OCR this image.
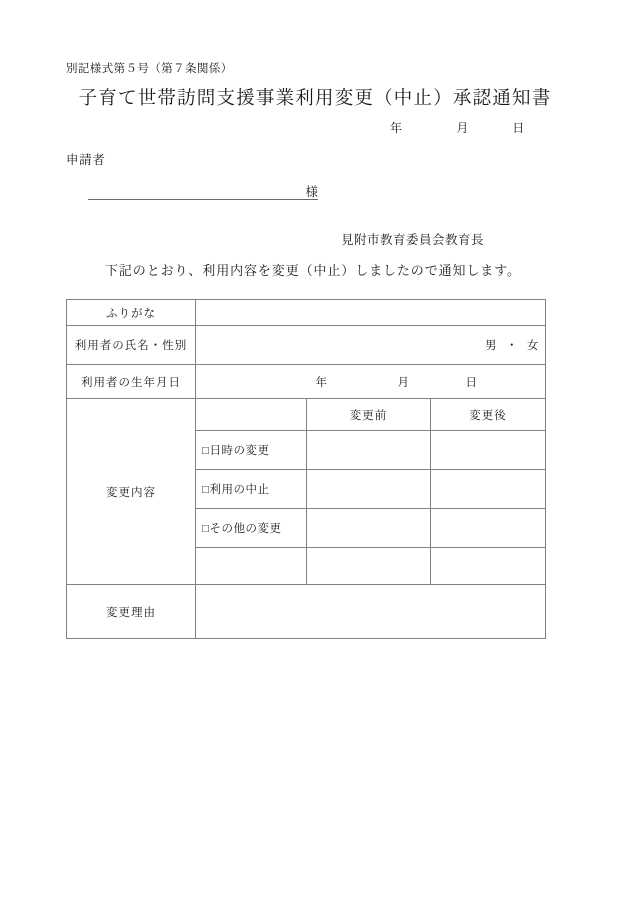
別記様式第５号（第７条関係）
子育て世帯訪問支援事業利用変更（中止）承認通知書
年	月	日
申請者
様
見附市教育委員会教育長
下記のとおり、利用内容を変更（中止）しましたので通知します。
ふりがな			
利用者の氏名・性別	男 ・ 女		
利用者の生年月日	年 月 日		

変更内容		変更前	変更後
	□日時の変更		
	□利用の中止		
	□その他の変更		

変更理由			
